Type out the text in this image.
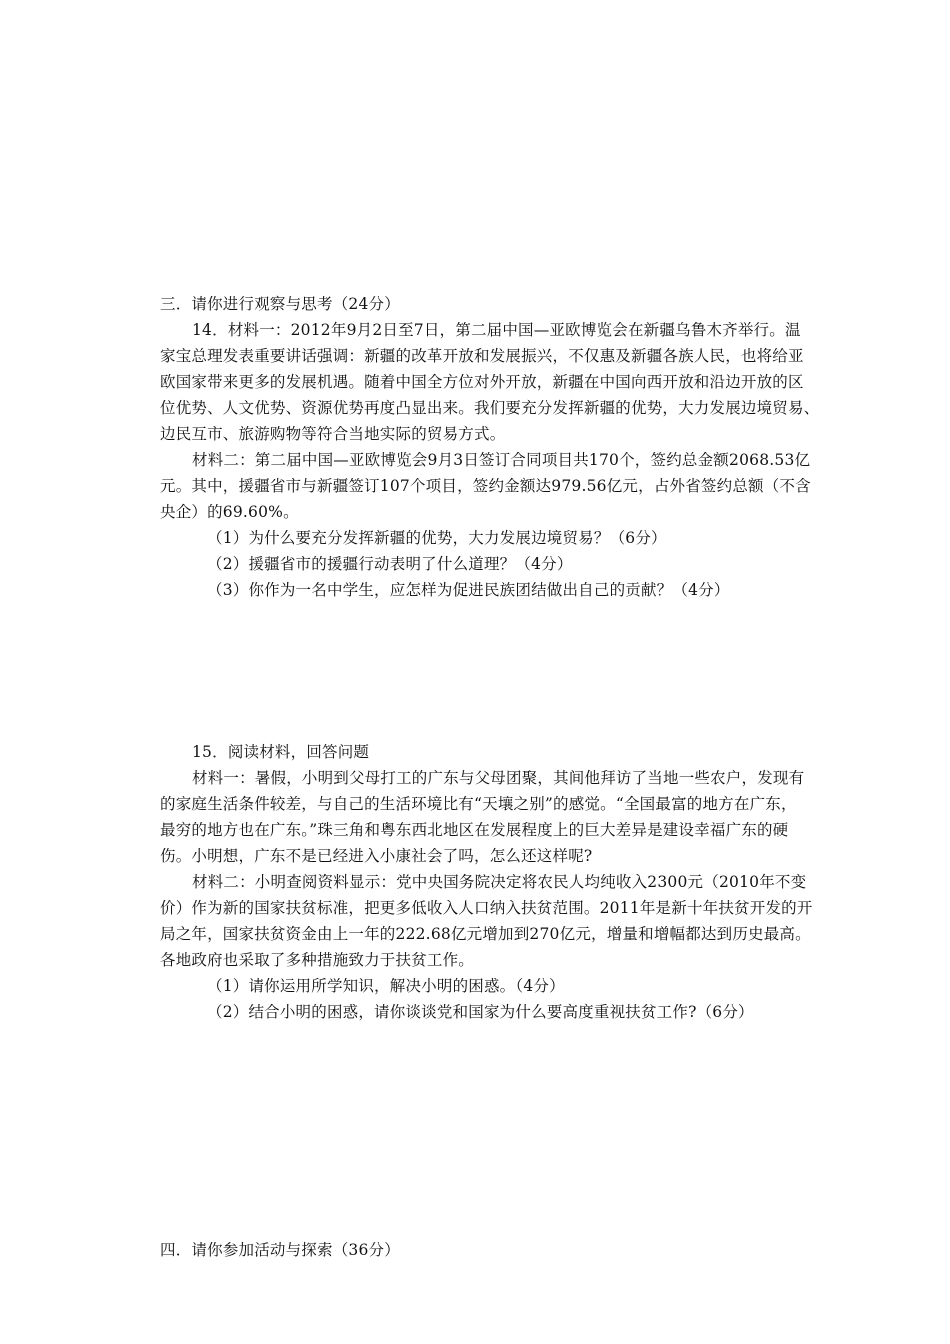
三．请你进行观察与思考（24分）
14．材料一：2012年9月2日至7日，第二届中国—亚欧博览会在新疆乌鲁木齐举行。温
家宝总理发表重要讲话强调：新疆的改革开放和发展振兴，不仅惠及新疆各族人民，也将给亚
欧国家带来更多的发展机遇。随着中国全方位对外开放，新疆在中国向西开放和沿边开放的区
位优势、人文优势、资源优势再度凸显出来。我们要充分发挥新疆的优势，大力发展边境贸易、
边民互市、旅游购物等符合当地实际的贸易方式。
材料二：第二届中国—亚欧博览会9月3日签订合同项目共170个，签约总金额2068.53亿
元。其中，援疆省市与新疆签订107个项目，签约金额达979.56亿元，占外省签约总额（不含
央企）的69.60%。
（1）为什么要充分发挥新疆的优势，大力发展边境贸易？（6分）
（2）援疆省市的援疆行动表明了什么道理？（4分）
（3）你作为一名中学生，应怎样为促进民族团结做出自己的贡献？（4分）
15．阅读材料，回答问题
材料一：暑假，小明到父母打工的广东与父母团聚，其间他拜访了当地一些农户，发现有
的家庭生活条件较差，与自己的生活环境比有“天壤之别”的感觉。“全国最富的地方在广东，
最穷的地方也在广东。”珠三角和粤东西北地区在发展程度上的巨大差异是建设幸福广东的硬
伤。小明想，广东不是已经进入小康社会了吗，怎么还这样呢?
材料二：小明查阅资料显示：党中央国务院决定将农民人均纯收入2300元（2010年不变
价）作为新的国家扶贫标准，把更多低收入人口纳入扶贫范围。2011年是新十年扶贫开发的开
局之年，国家扶贫资金由上一年的222.68亿元增加到270亿元，增量和增幅都达到历史最高。
各地政府也采取了多种措施致力于扶贫工作。
（1）请你运用所学知识，解决小明的困惑。（4分）
（2）结合小明的困惑，请你谈谈党和国家为什么要高度重视扶贫工作?（6分）
四．请你参加活动与探索（36分）
